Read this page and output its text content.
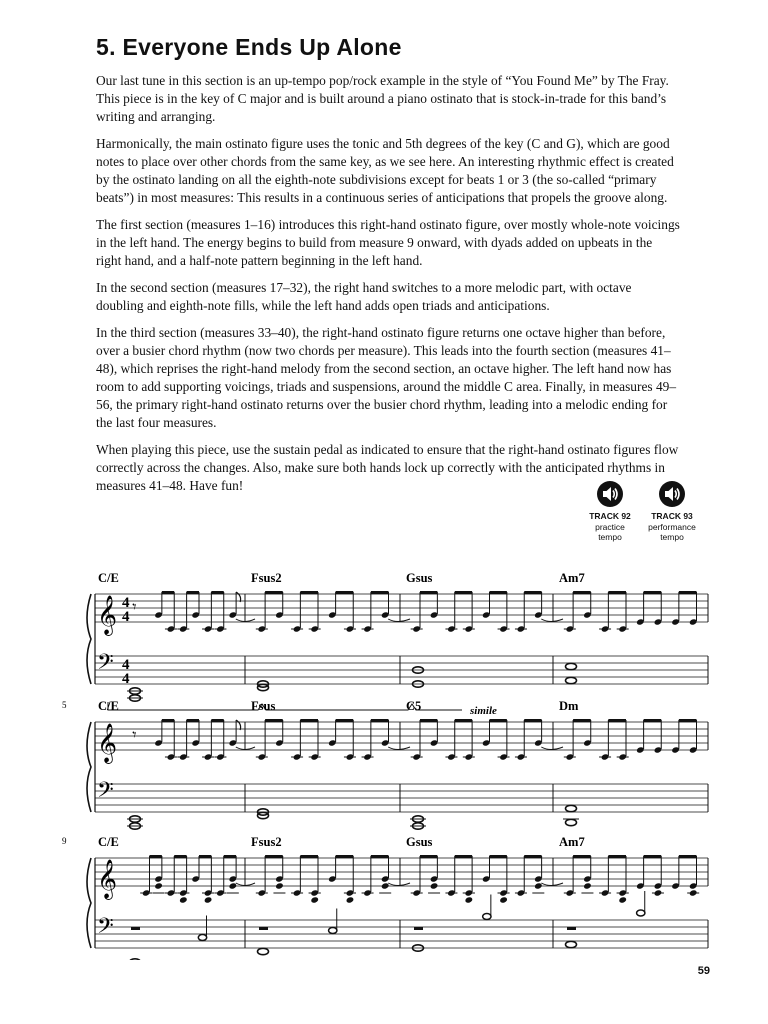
5. Everyone Ends Up Alone

Our last tune in this section is an up-tempo pop/rock example in the style of “You Found Me” by The Fray. This piece is in the key of C major and is built around a piano ostinato that is stock-in-trade for this band’s writing and arranging.

Harmonically, the main ostinato figure uses the tonic and 5th degrees of the key (C and G), which are good notes to place over other chords from the same key, as we see here. An interesting rhythmic effect is created by the ostinato landing on all the eighth-note subdivisions except for beats 1 or 3 (the so-called “primary beats”) in most measures: This results in a continuous series of anticipations that propels the groove along.

The first section (measures 1–16) introduces this right-hand ostinato figure, over mostly whole-note voicings in the left hand. The energy begins to build from measure 9 onward, with dyads added on upbeats in the right hand, and a half-note pattern beginning in the left hand.

In the second section (measures 17–32), the right hand switches to a more melodic part, with octave doubling and eighth-note fills, while the left hand adds open triads and anticipations.

In the third section (measures 33–40), the right-hand ostinato figure returns one octave higher than before, over a busier chord rhythm (now two chords per measure). This leads into the fourth section (measures 41–48), which reprises the right-hand melody from the second section, an octave higher. The left hand now has room to add supporting voicings, triads and suspensions, around the middle C area. Finally, in measures 49–56, the primary right-hand ostinato returns over the busier chord rhythm, leading into a melodic ending for the last four measures.

When playing this piece, use the sustain pedal as indicated to ensure that the right-hand ostinato figures flow correctly across the changes. Also, make sure both hands lock up correctly with the anticipated rhythms in measures 41–48. Have fun!

TRACK 92
practice
tempo
TRACK 93
performance
tempo
𝄞
𝄢
4
4
4
4
C/E	Fsus2	Gsus	Am7
𝄾
simile
𝄞
𝄢
5	C/E	Fsus	C5	Dm
𝄾
𝄞
𝄢
9	C/E	Fsus2	Gsus	Am7
59
